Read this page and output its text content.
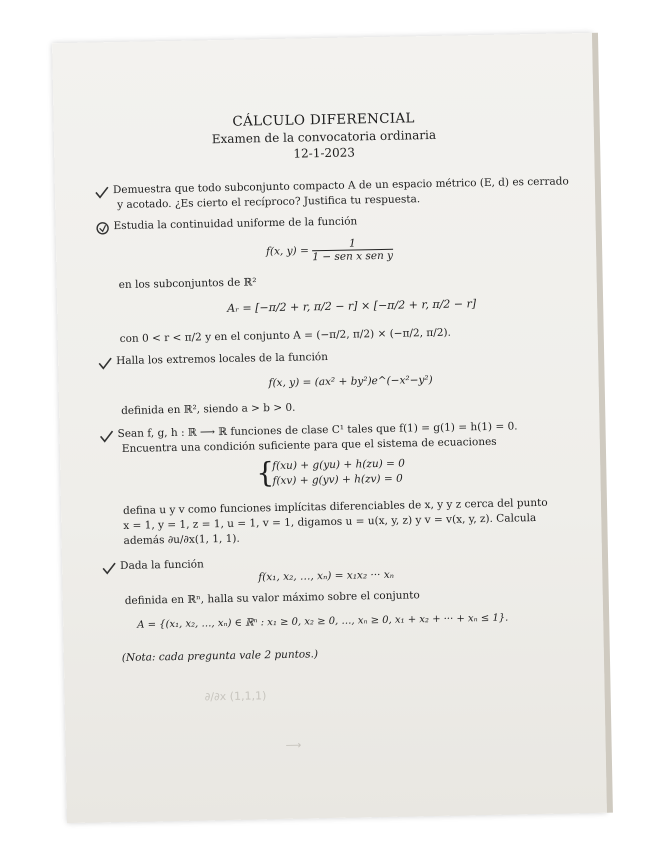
CÁLCULO DIFERENCIAL
Examen de la convocatoria ordinaria
12-1-2023
Demuestra que todo subconjunto compacto A de un espacio métrico (E, d) es cerrado
y acotado. ¿Es cierto el recíproco? Justifica tu respuesta.
Estudia la continuidad uniforme de la función
f(x, $y) = \frac{1}{\text{1 − sen x sen y}}$
en los subconjuntos de ℝ²
Aᵣ = [−π/2 + r, π/2 − r] × [−π/2 + r, π/2 − r]
con 0 < r < π/2 y en el conjunto A = (−π/2, π/2) × (−π/2, π/2).
Halla los extremos locales de la función
f(x, y) = (ax² + by²)e^(−x²−y²)
definida en ℝ², siendo a > b > 0.
Sean f, g, h : ℝ ⟶ ℝ funciones de clase C¹ tales que f(1) = g(1) = h(1) = 0.
Encuentra una condición suficiente para que el sistema de ecuaciones
{
f(xu) + g(yu) + h(zu) = 0
f(xv) + g(yv) + h(zv) = 0
defina u y v como funciones implícitas diferenciables de x, y y z cerca del punto
x = 1, y = 1, z = 1, u = 1, v = 1, digamos u = u(x, y, z) y v = v(x, y, z). Calcula
además ∂u/∂x(1, 1, 1).
Dada la función
f(x₁, x₂, …, xₙ) = x₁x₂ ··· xₙ
definida en ℝⁿ, halla su valor máximo sobre el conjunto
A = {(x₁, x₂, …, xₙ) ∈ ℝⁿ : x₁ ≥ 0, x₂ ≥ 0, …, xₙ ≥ 0, x₁ + x₂ + ··· + xₙ ≤ 1}.
(Nota: cada pregunta vale 2 puntos.)
∂/∂x (1,1,1)
⟶
